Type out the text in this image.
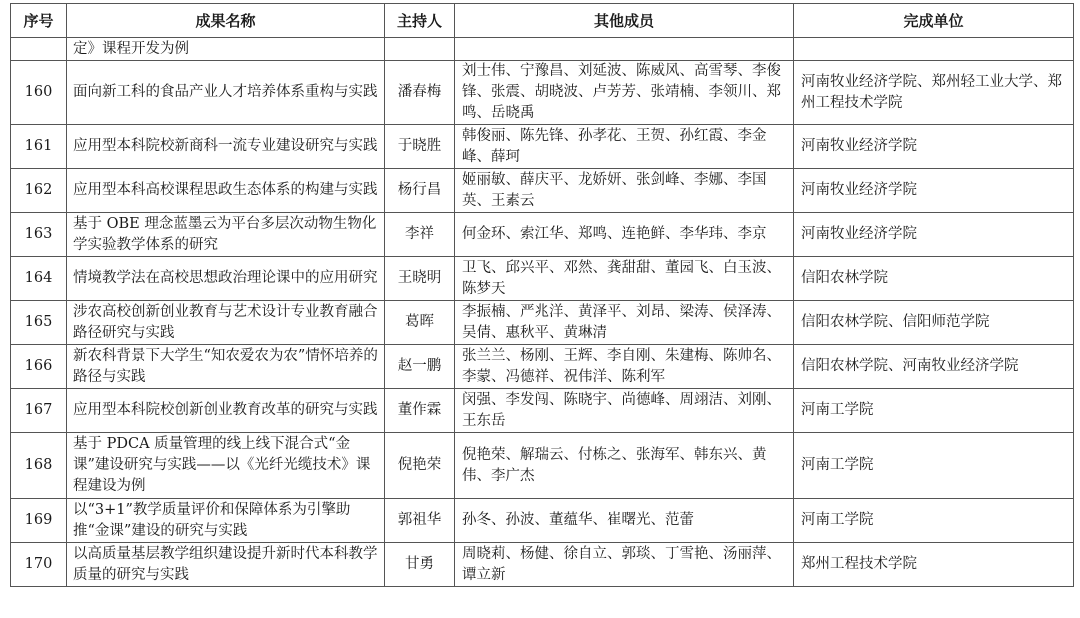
序号	成果名称	主持人	其他成员	完成单位
	定》课程开发为例			
160	面向新工科的食品产业人才培养体系重构与实践	潘春梅	刘士伟、宁豫昌、刘延波、陈威风、高雪琴、李俊锋、张震、胡晓波、卢芳芳、张靖楠、李领川、郑鸣、岳晓禹	河南牧业经济学院、郑州轻工业大学、郑州工程技术学院
161	应用型本科院校新商科一流专业建设研究与实践	于晓胜	韩俊丽、陈先锋、孙孝花、王贺、孙红霞、李金峰、薛珂	河南牧业经济学院
162	应用型本科高校课程思政生态体系的构建与实践	杨行昌	姬丽敏、薛庆平、龙娇妍、张剑峰、李娜、李国英、王素云	河南牧业经济学院
163	基于 OBE 理念蓝墨云为平台多层次动物生物化学实验教学体系的研究	李祥	何金环、索江华、郑鸣、连艳鲜、李华玮、李京	河南牧业经济学院
164	情境教学法在高校思想政治理论课中的应用研究	王晓明	卫飞、邱兴平、邓然、龚甜甜、董园飞、白玉波、陈梦天	信阳农林学院
165	涉农高校创新创业教育与艺术设计专业教育融合路径研究与实践	葛晖	李振楠、严兆洋、黄泽平、刘昂、梁涛、侯泽涛、吴倩、惠秋平、黄琳清	信阳农林学院、信阳师范学院
166	新农科背景下大学生“知农爱农为农”情怀培养的路径与实践	赵一鹏	张兰兰、杨刚、王辉、李自刚、朱建梅、陈帅名、李蒙、冯德祥、祝伟洋、陈利军	信阳农林学院、河南牧业经济学院
167	应用型本科院校创新创业教育改革的研究与实践	董作霖	闵强、李发闯、陈晓宇、尚德峰、周翊洁、刘刚、王东岳	河南工学院
168	基于 PDCA 质量管理的线上线下混合式“金课”建设研究与实践——以《光纤光缆技术》课程建设为例	倪艳荣	倪艳荣、解瑞云、付栋之、张海军、韩东兴、黄伟、李广杰	河南工学院
169	以“3+1”教学质量评价和保障体系为引擎助推“金课”建设的研究与实践	郭祖华	孙冬、孙波、董蕴华、崔曙光、范蕾	河南工学院
170	以高质量基层教学组织建设提升新时代本科教学质量的研究与实践	甘勇	周晓莉、杨健、徐自立、郭琰、丁雪艳、汤丽萍、谭立新	郑州工程技术学院
